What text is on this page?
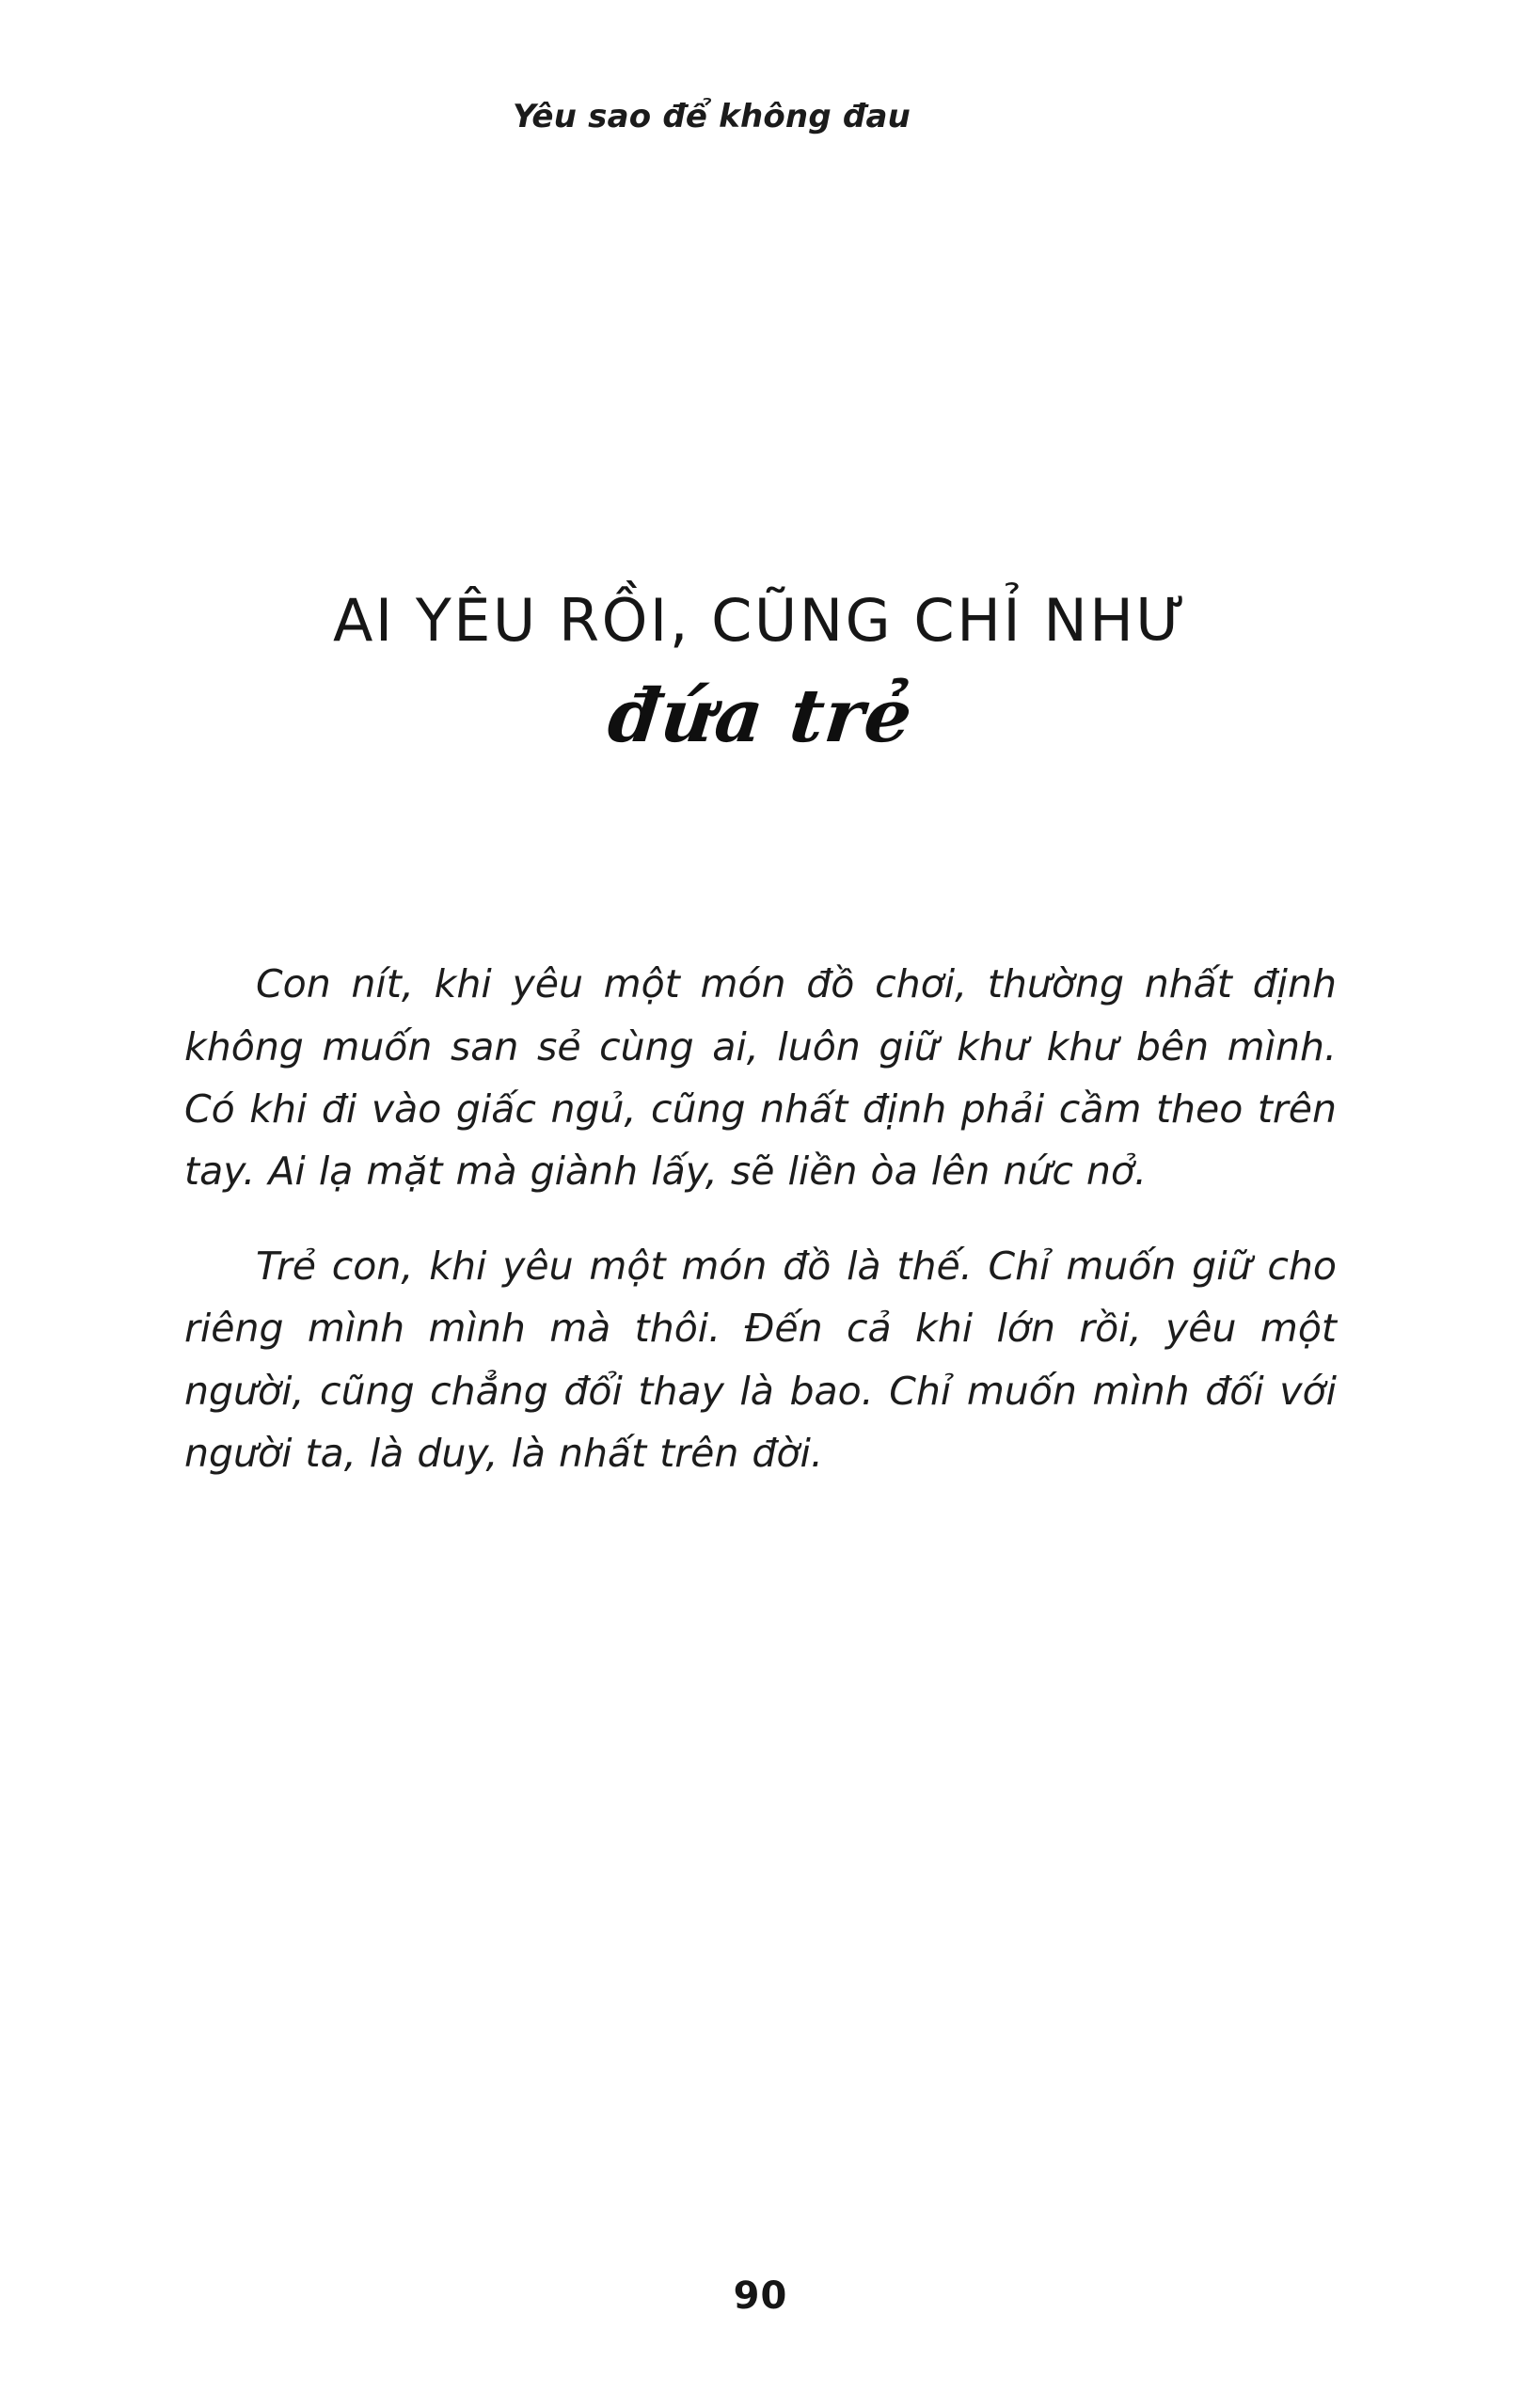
Yêu sao để không đau
AI YÊU RỒI, CŨNG CHỈ NHƯ
đứa trẻ

Con nít, khi yêu một món đồ chơi, thường nhất định không muốn san sẻ cùng ai, luôn giữ khư khư bên mình. Có khi đi vào giấc ngủ, cũng nhất định phải cầm theo trên tay. Ai lạ mặt mà giành lấy, sẽ liền òa lên nức nở.

Trẻ con, khi yêu một món đồ là thế. Chỉ muốn giữ cho riêng mình mình mà thôi. Đến cả khi lớn rồi, yêu một người, cũng chẳng đổi thay là bao. Chỉ muốn mình đối với người ta, là duy, là nhất trên đời.

90
